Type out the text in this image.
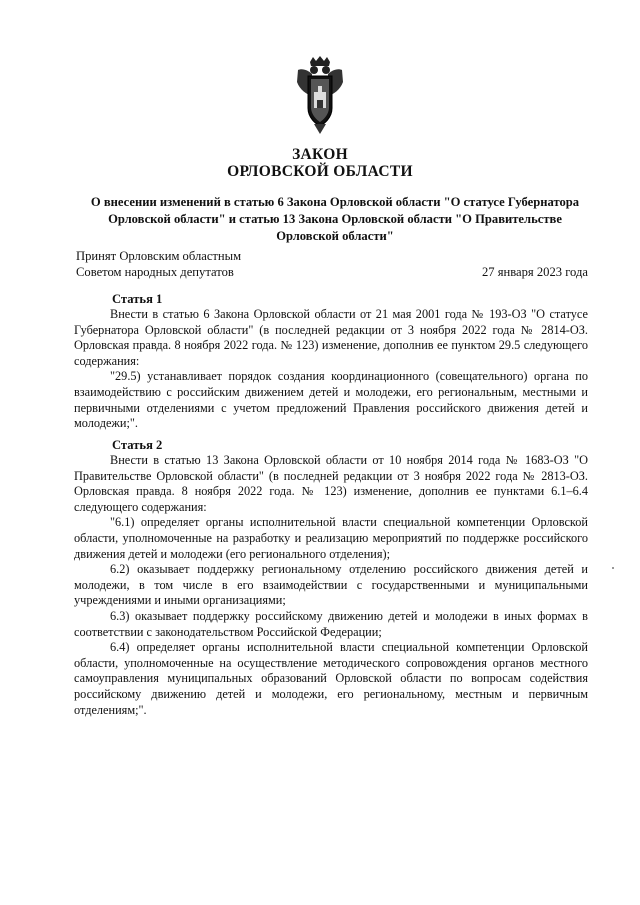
ЗАКОН
ОРЛОВСКОЙ ОБЛАСТИ
О внесении изменений в статью 6 Закона Орловской области "О статусе Губернатора Орловской области" и статью 13 Закона Орловской области "О Правительстве Орловской области"
Принят Орловским областным
Советом народных депутатов	27 января 2023 года
Статья 1

Внести в статью 6 Закона Орловской области от 21 мая 2001 года № 193-ОЗ "О статусе Губернатора Орловской области" (в последней редакции от 3 ноября 2022 года № 2814-ОЗ. Орловская правда. 8 ноября 2022 года. № 123) изменение, дополнив ее пунктом 29.5 следующего содержания:

"29.5) устанавливает порядок создания координационного (совещательного) органа по взаимодействию с российским движением детей и молодежи, его региональным, местными и первичными отделениями с учетом предложений Правления российского движения детей и молодежи;".

Статья 2

Внести в статью 13 Закона Орловской области от 10 ноября 2014 года № 1683-ОЗ "О Правительстве Орловской области" (в последней редакции от 3 ноября 2022 года № 2813-ОЗ. Орловская правда. 8 ноября 2022 года. № 123) изменение, дополнив ее пунктами 6.1–6.4 следующего содержания:

"6.1) определяет органы исполнительной власти специальной компетенции Орловской области, уполномоченные на разработку и реализацию мероприятий по поддержке российского движения детей и молодежи (его регионального отделения);

6.2) оказывает поддержку региональному отделению российского движения детей и молодежи, в том числе в его взаимодействии с государственными и муниципальными учреждениями и иными организациями;

6.3) оказывает поддержку российскому движению детей и молодежи в иных формах в соответствии с законодательством Российской Федерации;

6.4) определяет органы исполнительной власти специальной компетенции Орловской области, уполномоченные на осуществление методического сопровождения органов местного самоуправления муниципальных образований Орловской области по вопросам содействия российскому движению детей и молодежи, его региональному, местным и первичным отделениям;".
